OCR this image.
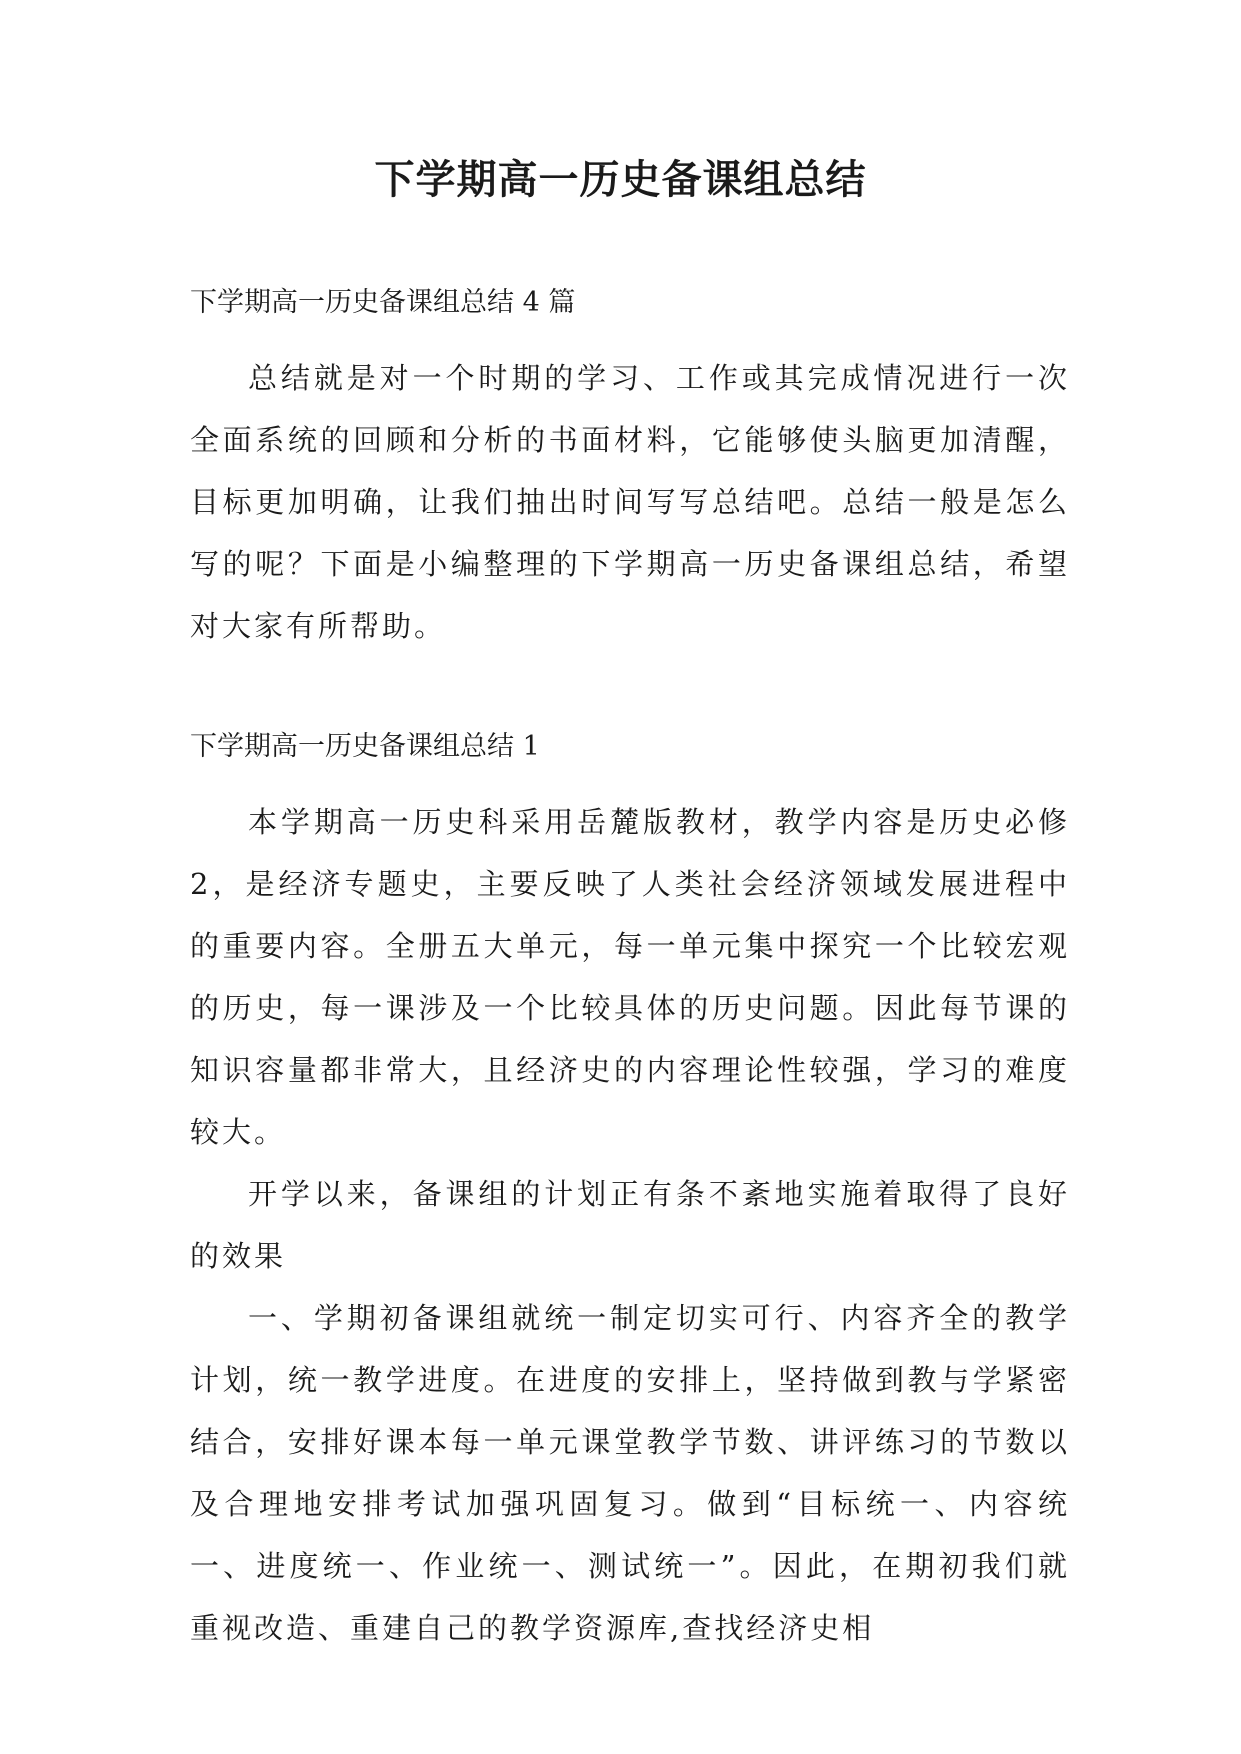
下学期高一历史备课组总结

下学期高一历史备课组总结 4 篇

总结就是对一个时期的学习、工作或其完成情况进行一次全面系统的回顾和分析的书面材料，它能够使头脑更加清醒，目标更加明确，让我们抽出时间写写总结吧。总结一般是怎么写的呢？下面是小编整理的下学期高一历史备课组总结，希望对大家有所帮助。

下学期高一历史备课组总结 1

本学期高一历史科采用岳麓版教材，教学内容是历史必修 2，是经济专题史，主要反映了人类社会经济领域发展进程中的重要内容。全册五大单元，每一单元集中探究一个比较宏观的历史，每一课涉及一个比较具体的历史问题。因此每节课的知识容量都非常大，且经济史的内容理论性较强，学习的难度较大。

开学以来，备课组的计划正有条不紊地实施着取得了良好的效果

一、学期初备课组就统一制定切实可行、内容齐全的教学计划，统一教学进度。在进度的安排上，坚持做到教与学紧密结合，安排好课本每一单元课堂教学节数、讲评练习的节数以及合理地安排考试加强巩固复习。做到“目标统一、内容统一、进度统一、作业统一、测试统一”。因此，在期初我们就重视改造、重建自己的教学资源库,查找经济史相
